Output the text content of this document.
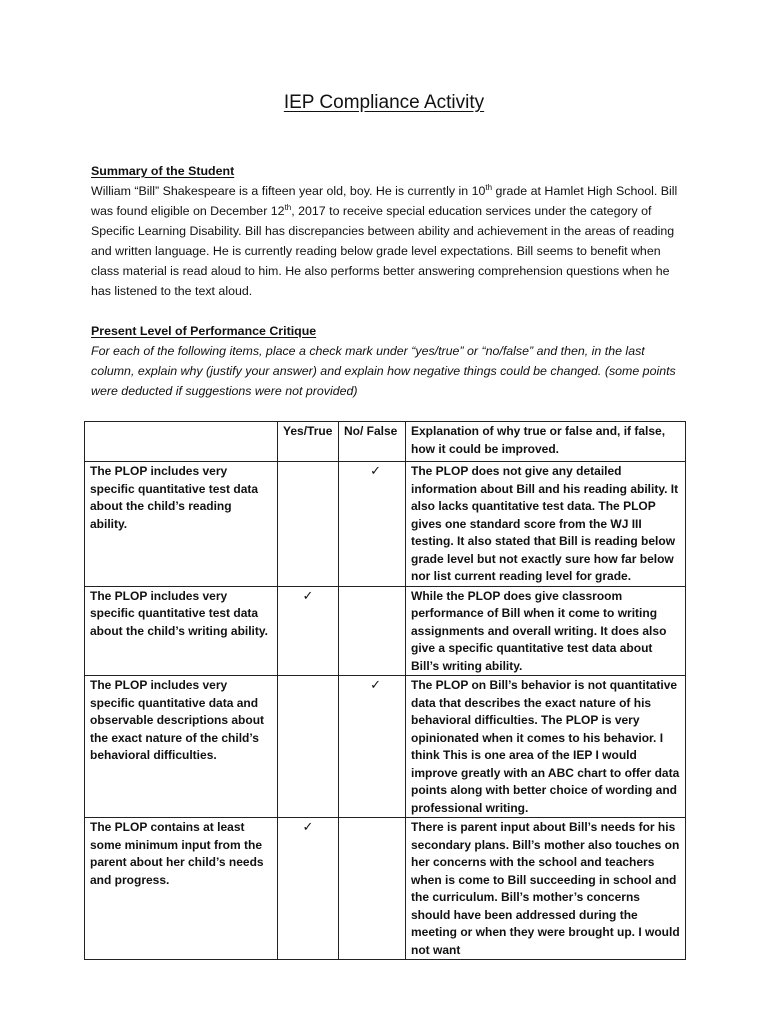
IEP Compliance Activity

Summary of the Student

William “Bill” Shakespeare is a fifteen year old, boy. He is currently in 10th grade at Hamlet High School. Bill was found eligible on December 12th, 2017 to receive special education services under the category of Specific Learning Disability. Bill has discrepancies between ability and achievement in the areas of reading and written language. He is currently reading below grade level expectations. Bill seems to benefit when class material is read aloud to him. He also performs better answering comprehension questions when he has listened to the text aloud.

Present Level of Performance Critique

For each of the following items, place a check mark under “yes/true” or “no/false” and then, in the last column, explain why (justify your answer) and explain how negative things could be changed. (some points were deducted if suggestions were not provided)

	Yes/True	No/ False	Explanation of why true or false and, if false, how it could be improved.
The PLOP includes very specific quantitative test data about the child’s reading ability.		✓	The PLOP does not give any detailed information about Bill and his reading ability. It also lacks quantitative test data. The PLOP gives one standard score from the WJ III testing. It also stated that Bill is reading below grade level but not exactly sure how far below nor list current reading level for grade.
The PLOP includes very specific quantitative test data about the child’s writing ability.	✓		While the PLOP does give classroom performance of Bill when it come to writing assignments and overall writing. It does also give a specific quantitative test data about Bill’s writing ability.
The PLOP includes very specific quantitative data and observable descriptions about the exact nature of the child’s behavioral difficulties.		✓	The PLOP on Bill’s behavior is not quantitative data that describes the exact nature of his behavioral difficulties. The PLOP is very opinionated when it comes to his behavior. I think This is one area of the IEP I would improve greatly with an ABC chart to offer data points along with better choice of wording and professional writing.
The PLOP contains at least some minimum input from the parent about her child’s needs and progress.	✓		There is parent input about Bill’s needs for his secondary plans. Bill’s mother also touches on her concerns with the school and teachers when is come to Bill succeeding in school and the curriculum. Bill’s mother’s concerns should have been addressed during the meeting or when they were brought up. I would not want
